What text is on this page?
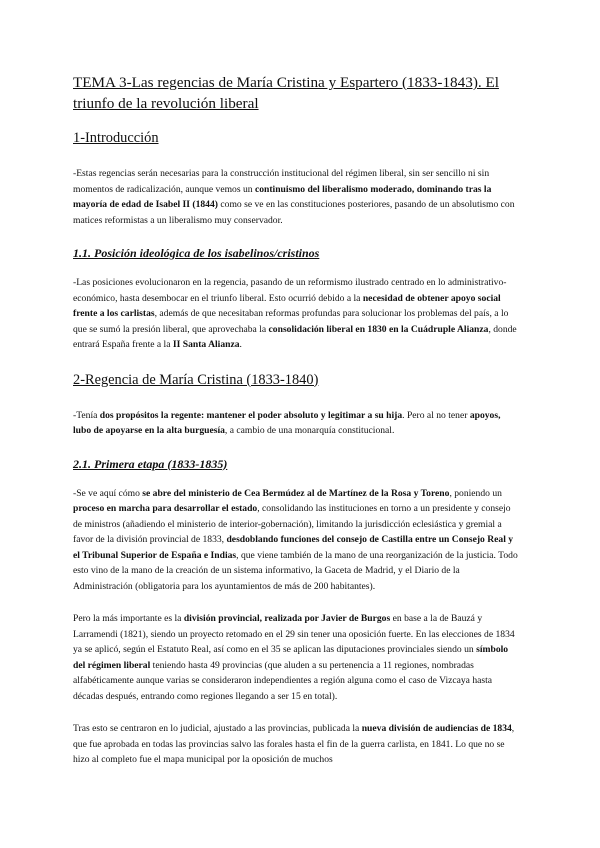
TEMA 3-Las regencias de María Cristina y Espartero (1833-1843). El
triunfo de la revolución liberal
1-Introducción

-Estas regencias serán necesarias para la construcción institucional del régimen liberal, sin ser sencillo ni sin momentos de radicalización, aunque vemos un continuismo del liberalismo moderado, dominando tras la mayoría de edad de Isabel II (1844) como se ve en las constituciones posteriores, pasando de un absolutismo con matices reformistas a un liberalismo muy conservador.

1.1. Posición ideológica de los isabelinos/cristinos

-Las posiciones evolucionaron en la regencia, pasando de un reformismo ilustrado centrado en lo administrativo-económico, hasta desembocar en el triunfo liberal. Esto ocurrió debido a la necesidad de obtener apoyo social frente a los carlistas, además de que necesitaban reformas profundas para solucionar los problemas del país, a lo que se sumó la presión liberal, que aprovechaba la consolidación liberal en 1830 en la Cuádruple Alianza, donde entrará España frente a la II Santa Alianza.

2-Regencia de María Cristina (1833-1840)

-Tenía dos propósitos la regente: mantener el poder absoluto y legitimar a su hija. Pero al no tener apoyos, lubo de apoyarse en la alta burguesía, a cambio de una monarquía constitucional.

2.1. Primera etapa (1833-1835)

-Se ve aquí cómo se abre del ministerio de Cea Bermúdez al de Martínez de la Rosa y Toreno, poniendo un proceso en marcha para desarrollar el estado, consolidando las instituciones en torno a un presidente y consejo de ministros (añadiendo el ministerio de interior-gobernación), limitando la jurisdicción eclesiástica y gremial a favor de la división provincial de 1833, desdoblando funciones del consejo de Castilla entre un Consejo Real y el Tribunal Superior de España e Indias, que viene también de la mano de una reorganización de la justicia. Todo esto vino de la mano de la creación de un sistema informativo, la Gaceta de Madrid, y el Diario de la Administración (obligatoria para los ayuntamientos de más de 200 habitantes).

Pero la más importante es la división provincial, realizada por Javier de Burgos en base a la de Bauzá y Larramendi (1821), siendo un proyecto retomado en el 29 sin tener una oposición fuerte. En las elecciones de 1834 ya se aplicó, según el Estatuto Real, así como en el 35 se aplican las diputaciones provinciales siendo un símbolo del régimen liberal teniendo hasta 49 provincias (que aluden a su pertenencia a 11 regiones, nombradas alfabéticamente aunque varias se consideraron independientes a región alguna como el caso de Vizcaya hasta décadas después, entrando como regiones llegando a ser 15 en total).

Tras esto se centraron en lo judicial, ajustado a las provincias, publicada la nueva división de audiencias de 1834, que fue aprobada en todas las provincias salvo las forales hasta el fin de la guerra carlista, en 1841. Lo que no se hizo al completo fue el mapa municipal por la oposición de muchos
